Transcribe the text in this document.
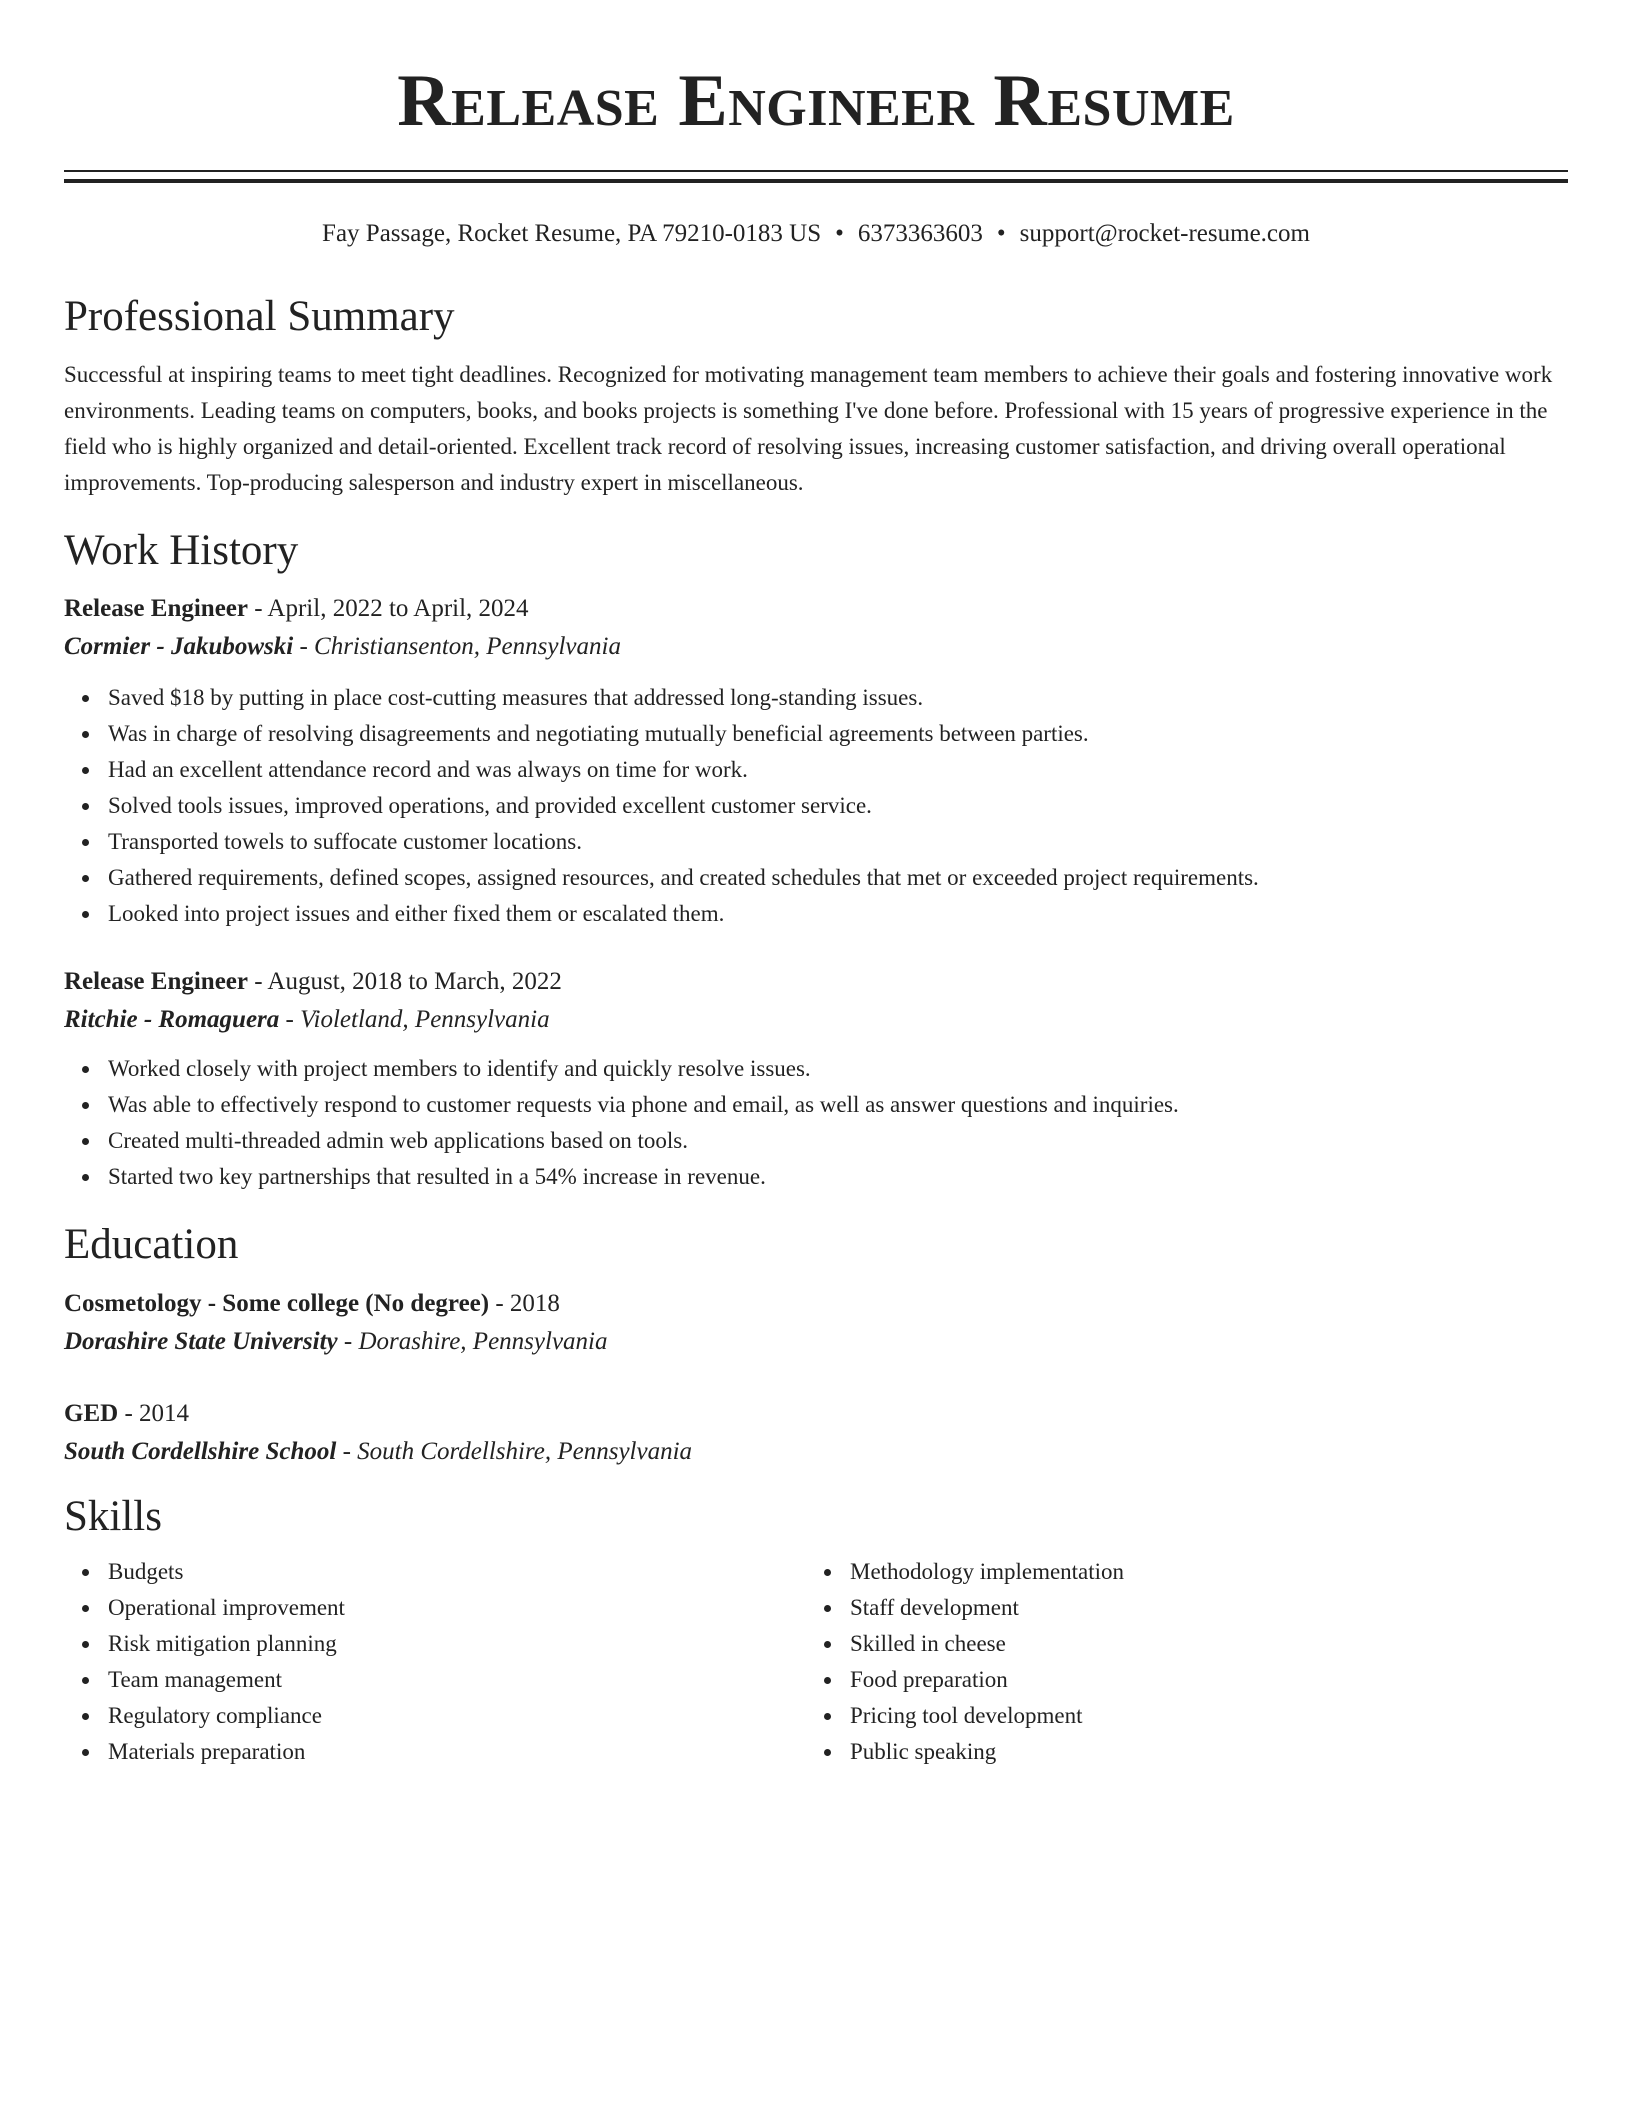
Release Engineer Resume
Fay Passage, Rocket Resume, PA 79210-0183 US • 6373363603 • support@rocket-resume.com
Professional Summary

Successful at inspiring teams to meet tight deadlines. Recognized for motivating management team members to achieve their goals and fostering innovative work environments. Leading teams on computers, books, and books projects is something I've done before. Professional with 15 years of progressive experience in the field who is highly organized and detail-oriented. Excellent track record of resolving issues, increasing customer satisfaction, and driving overall operational improvements. Top-producing salesperson and industry expert in miscellaneous.

Work History

Release Engineer - April, 2022 to April, 2024

Cormier - Jakubowski - Christiansenton, Pennsylvania

Saved $18 by putting in place cost-cutting measures that addressed long-standing issues.
Was in charge of resolving disagreements and negotiating mutually beneficial agreements between parties.
Had an excellent attendance record and was always on time for work.
Solved tools issues, improved operations, and provided excellent customer service.
Transported towels to suffocate customer locations.
Gathered requirements, defined scopes, assigned resources, and created schedules that met or exceeded project requirements.
Looked into project issues and either fixed them or escalated them.

Release Engineer - August, 2018 to March, 2022

Ritchie - Romaguera - Violetland, Pennsylvania

Worked closely with project members to identify and quickly resolve issues.
Was able to effectively respond to customer requests via phone and email, as well as answer questions and inquiries.
Created multi-threaded admin web applications based on tools.
Started two key partnerships that resulted in a 54% increase in revenue.
Education

Cosmetology - Some college (No degree) - 2018

Dorashire State University - Dorashire, Pennsylvania

GED - 2014

South Cordellshire School - South Cordellshire, Pennsylvania

Skills
Budgets
Operational improvement
Risk mitigation planning
Team management
Regulatory compliance
Materials preparation
Methodology implementation
Staff development
Skilled in cheese
Food preparation
Pricing tool development
Public speaking
